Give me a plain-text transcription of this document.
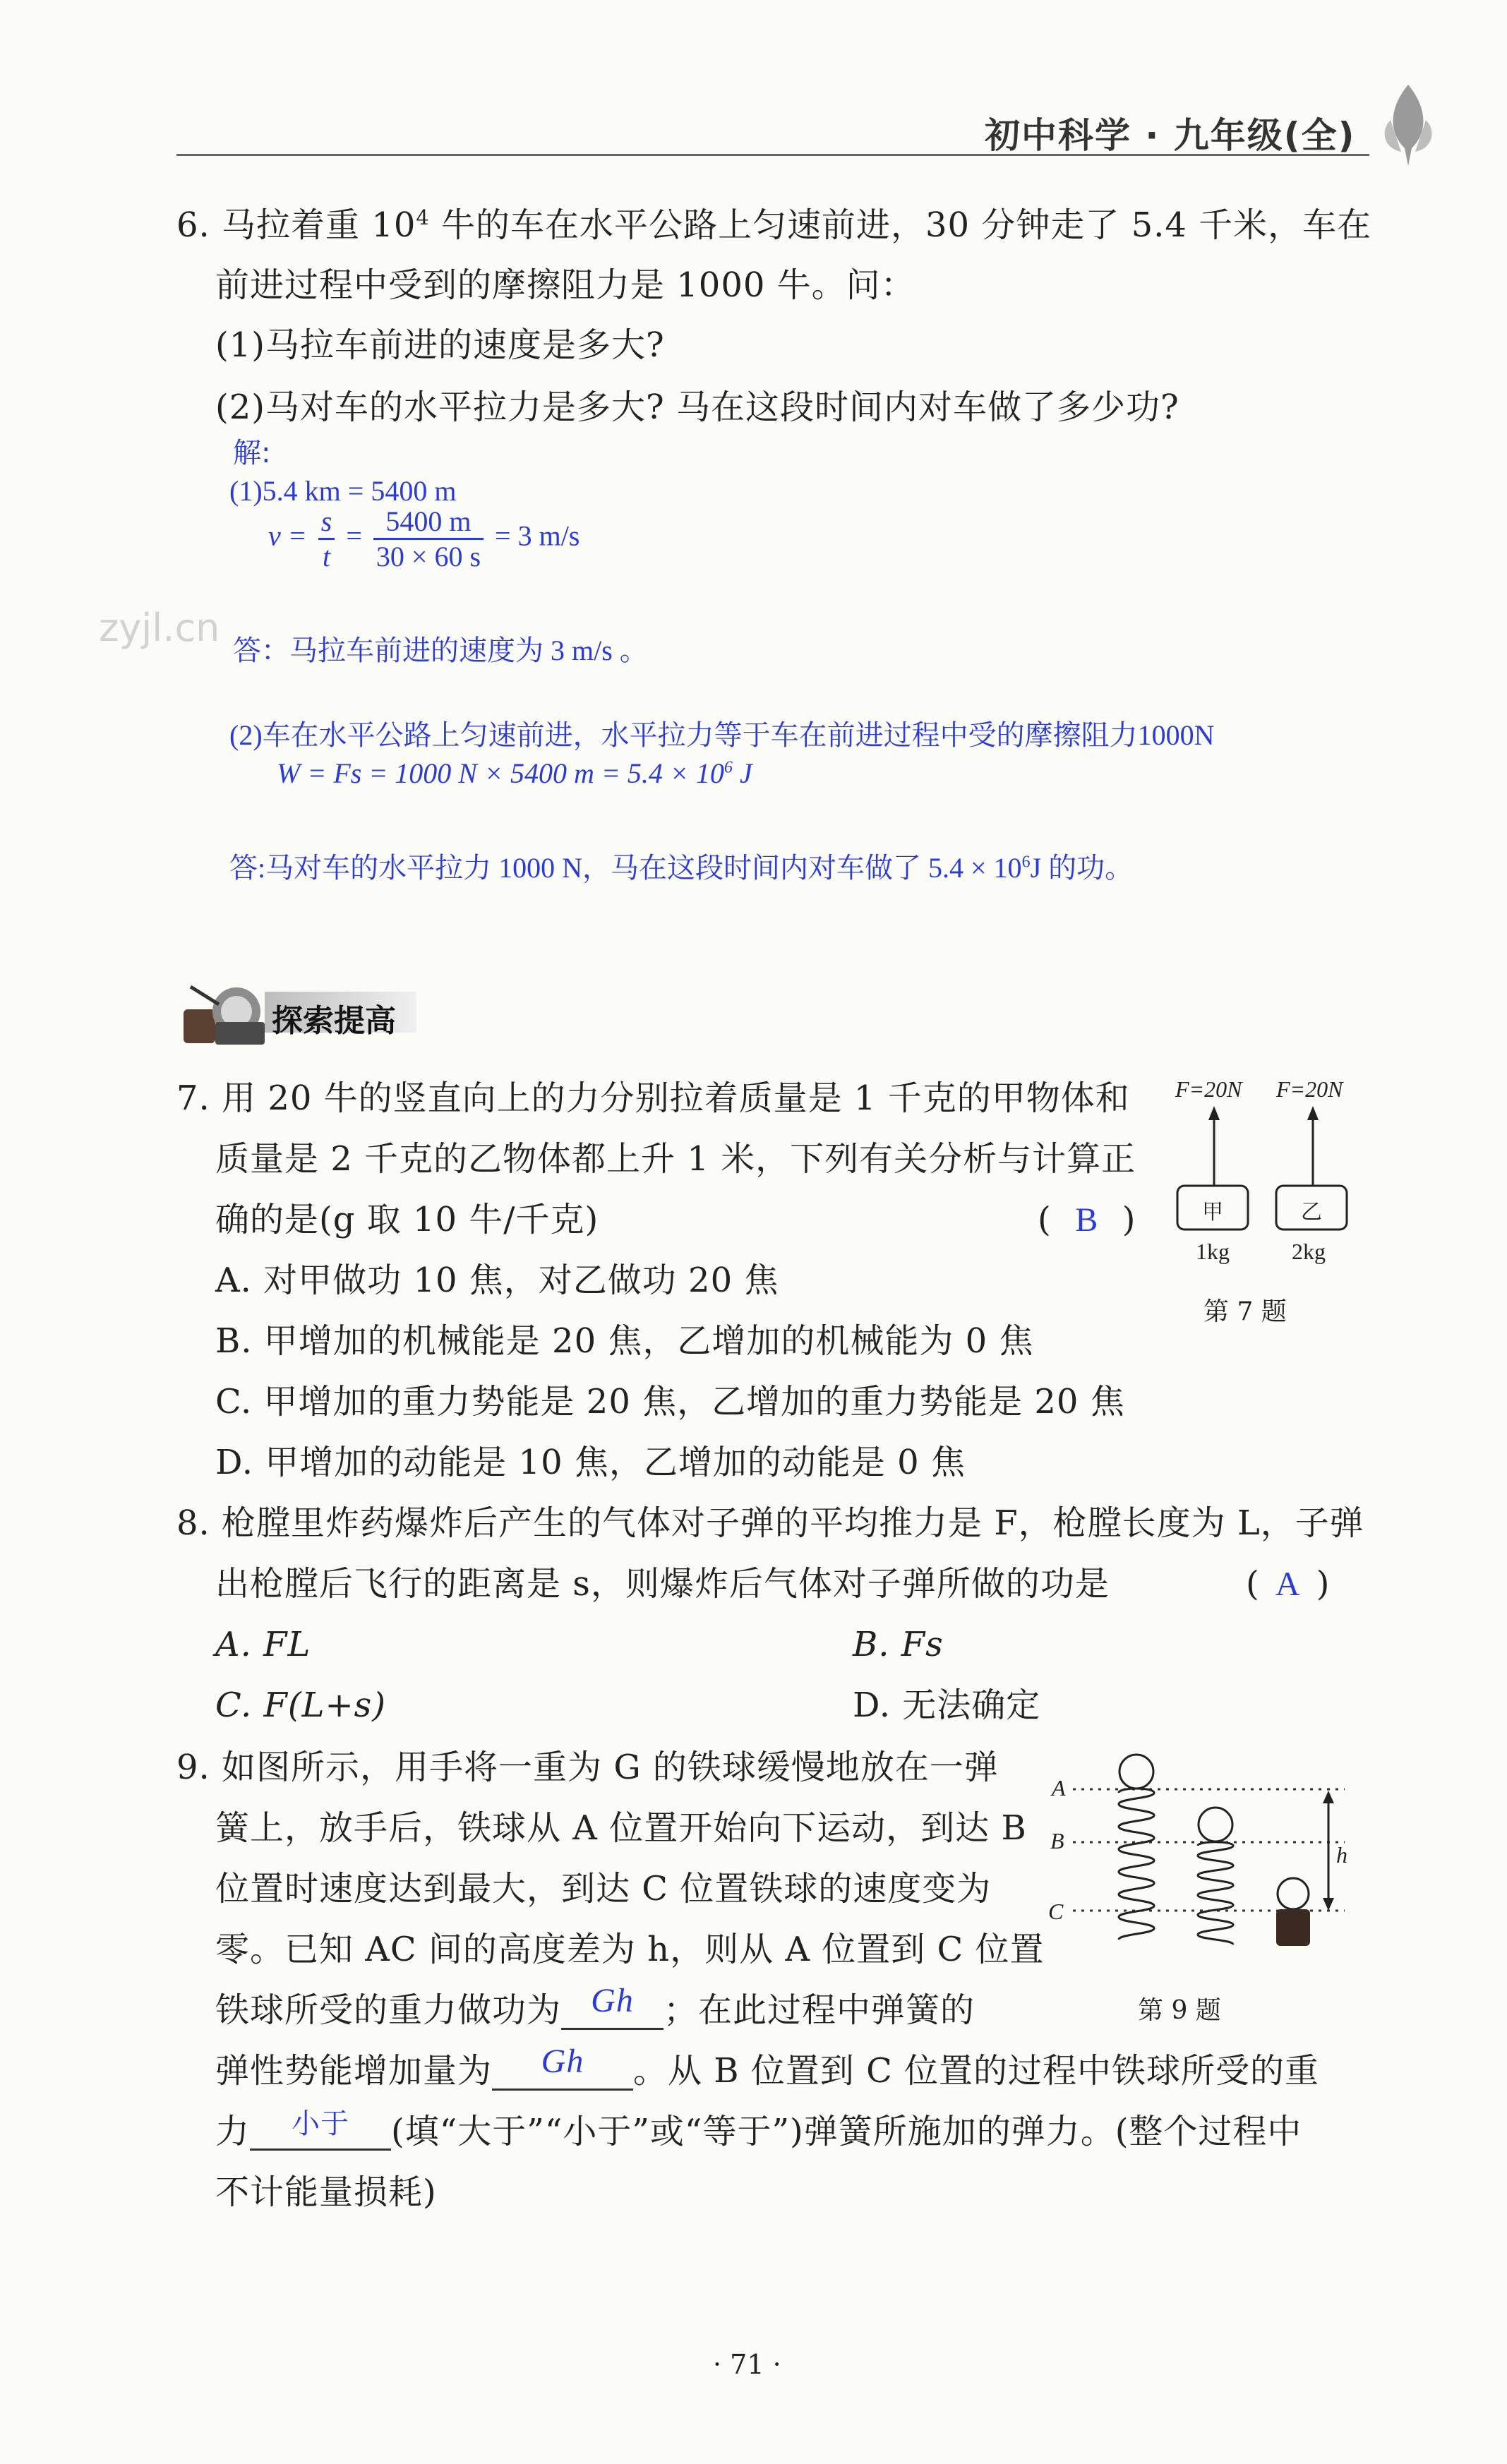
初中科学 · 九年级(全)
6. 马拉着重 $10^4$ 牛的车在水平公路上匀速前进，30 分钟走了 5.4 千米，车在
前进过程中受到的摩擦阻力是 1000 牛。问：
(1)马拉车前进的速度是多大?
(2)马对车的水平拉力是多大? 马在这段时间内对车做了多少功?
解:
(1)5.4 km = 5400 m
$v = \frac{s}{t} = \frac{5400 m}{30 \times 60 s} = 3$ m/s
zyjl.cn
答：马拉车前进的速度为 3 m/s 。
(2)车在水平公路上匀速前进，水平拉力等于车在前进过程中受的摩擦阻力1000N
W = Fs = 1000 N × 5400 $m = 5.4 \times 10^6$ J
答:马对车的水平拉力 1000 N，马在这段时间内对车做了 $5.4 \times 10^6J$ 的功。
探索提高
7. 用 20 牛的竖直向上的力分别拉着质量是 1 千克的甲物体和
质量是 2 千克的乙物体都上升 1 米，下列有关分析与计算正
确的是(g 取 10 牛/千克)	( B )
A. 对甲做功 10 焦，对乙做功 20 焦
B. 甲增加的机械能是 20 焦，乙增加的机械能为 0 焦
C. 甲增加的重力势能是 20 焦，乙增加的重力势能是 20 焦
D. 甲增加的动能是 10 焦，乙增加的动能是 0 焦
F=20N F=20N
甲	乙
1kg	2kg
第 7 题
8. 枪膛里炸药爆炸后产生的气体对子弹的平均推力是 F，枪膛长度为 L，子弹
出枪膛后飞行的距离是 s，则爆炸后气体对子弹所做的功是	( A )
A. FL	B. Fs
C. F(L+s)	D. 无法确定
9. 如图所示，用手将一重为 G 的铁球缓慢地放在一弹
簧上，放手后，铁球从 A 位置开始向下运动，到达 B
位置时速度达到最大，到达 C 位置铁球的速度变为
零。已知 AC 间的高度差为 h，则从 A 位置到 C 位置
铁球所受的重力做功为 Gh ；在此过程中弹簧的
弹性势能增加量为 Gh 。从 B 位置到 C 位置的过程中铁球所受的重
力 $^{小于}$ (填“大于”“小于”或“等于”)弹簧所施加的弹力。(整个过程中
不计能量损耗)
A
B
C
h
第 9 题
· 71 ·
